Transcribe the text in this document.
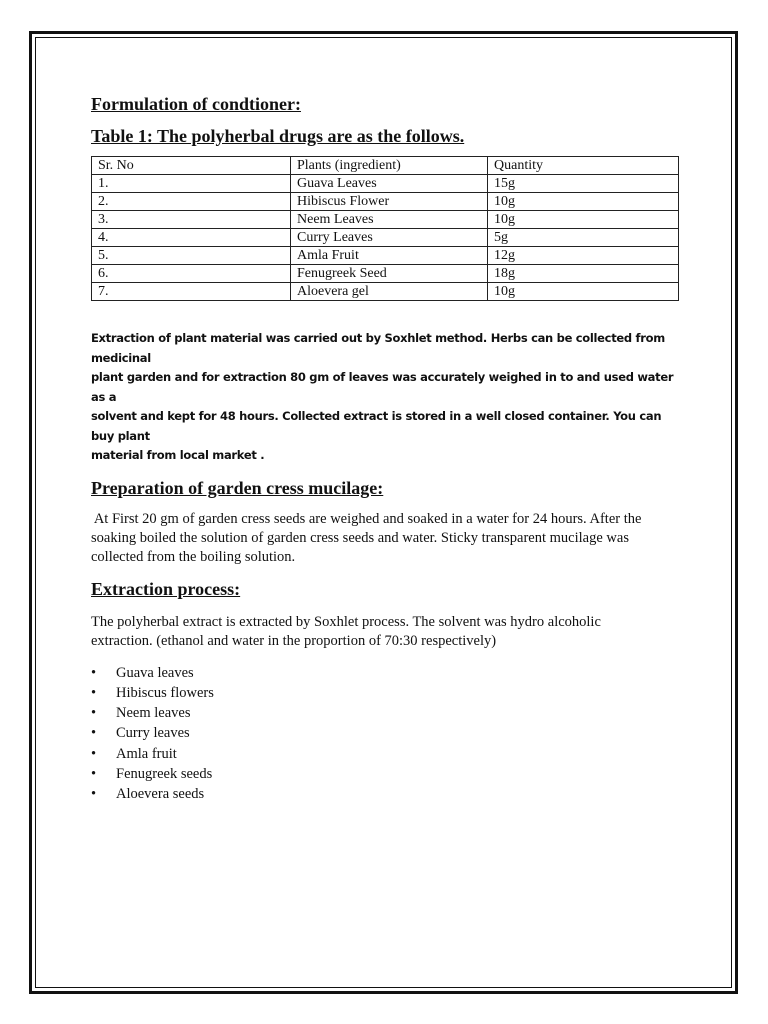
Formulation of condtioner:

Table 1: The polyherbal drugs are as the follows.

Sr. No	Plants (ingredient)	Quantity
1.	Guava Leaves	15g
2.	Hibiscus Flower	10g
3.	Neem Leaves	10g
4.	Curry Leaves	5g
5.	Amla Fruit	12g
6.	Fenugreek Seed	18g
7.	Aloevera gel	10g

Extraction of plant material was carried out by Soxhlet method. Herbs can be collected from medicinal

plant garden and for extraction 80 gm of leaves was accurately weighed in to and used water as a

solvent and kept for 48 hours. Collected extract is stored in a well closed container. You can buy plant

material from local market .

Preparation of garden cress mucilage:

At First 20 gm of garden cress seeds are weighed and soaked in a water for 24 hours. After the

soaking boiled the solution of garden cress seeds and water. Sticky transparent mucilage was

collected from the boiling solution.

Extraction process:

The polyherbal extract is extracted by Soxhlet process. The solvent was hydro alcoholic

extraction. (ethanol and water in the proportion of 70:30 respectively)

• Guava leaves
• Hibiscus flowers
• Neem leaves
• Curry leaves
• Amla fruit
• Fenugreek seeds
• Aloevera seeds
